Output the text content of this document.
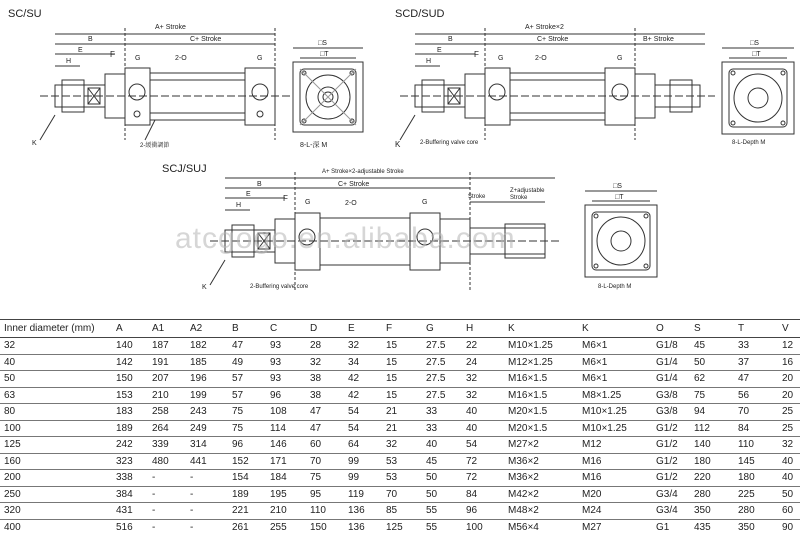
SC/SU	SCD/SUD
SCJ/SUJ
A+ Stroke
B	C+ Stroke
E
H
F	G	G
2-O
K	2-緩衝調節
□S
□T
8-L-深 M
A+ Stroke×2
B	C+ Stroke	B+ Stroke
E
H
F	G	G
2-O
K	2-Buffering valve core
□S
□T
8-L-Depth M
A+ Stroke×2-adjustable Stroke
B	C+ Stroke
E
H
F G	G
2-O
Stroke
Z+adjustable Stroke
K	2-Buffering valve core
□S
□T
8-L-Depth M
atcgogo.en.alibaba.com
Inner diameter (mm)	A	A1	A2	B	C	D	E	F	G	H	K	K	O	S	T	V
32	140	187	182	47	93	28	32	15	27.5	22	M10×1.25	M6×1	G1/8	45	33	12
40	142	191	185	49	93	32	34	15	27.5	24	M12×1.25	M6×1	G1/4	50	37	16
50	150	207	196	57	93	38	42	15	27.5	32	M16×1.5	M6×1	G1/4	62	47	20
63	153	210	199	57	96	38	42	15	27.5	32	M16×1.5	M8×1.25	G3/8	75	56	20
80	183	258	243	75	108	47	54	21	33	40	M20×1.5	M10×1.25	G3/8	94	70	25
100	189	264	249	75	114	47	54	21	33	40	M20×1.5	M10×1.25	G1/2	112	84	25
125	242	339	314	96	146	60	64	32	40	54	M27×2	M12	G1/2	140	110	32
160	323	480	441	152	171	70	99	53	45	72	M36×2	M16	G1/2	180	145	40
200	338	-	-	154	184	75	99	53	50	72	M36×2	M16	G1/2	220	180	40
250	384	-	-	189	195	95	119	70	50	84	M42×2	M20	G3/4	280	225	50
320	431	-	-	221	210	110	136	85	55	96	M48×2	M24	G3/4	350	280	60
400	516	-	-	261	255	150	136	125	55	100	M56×4	M27	G1	435	350	90
